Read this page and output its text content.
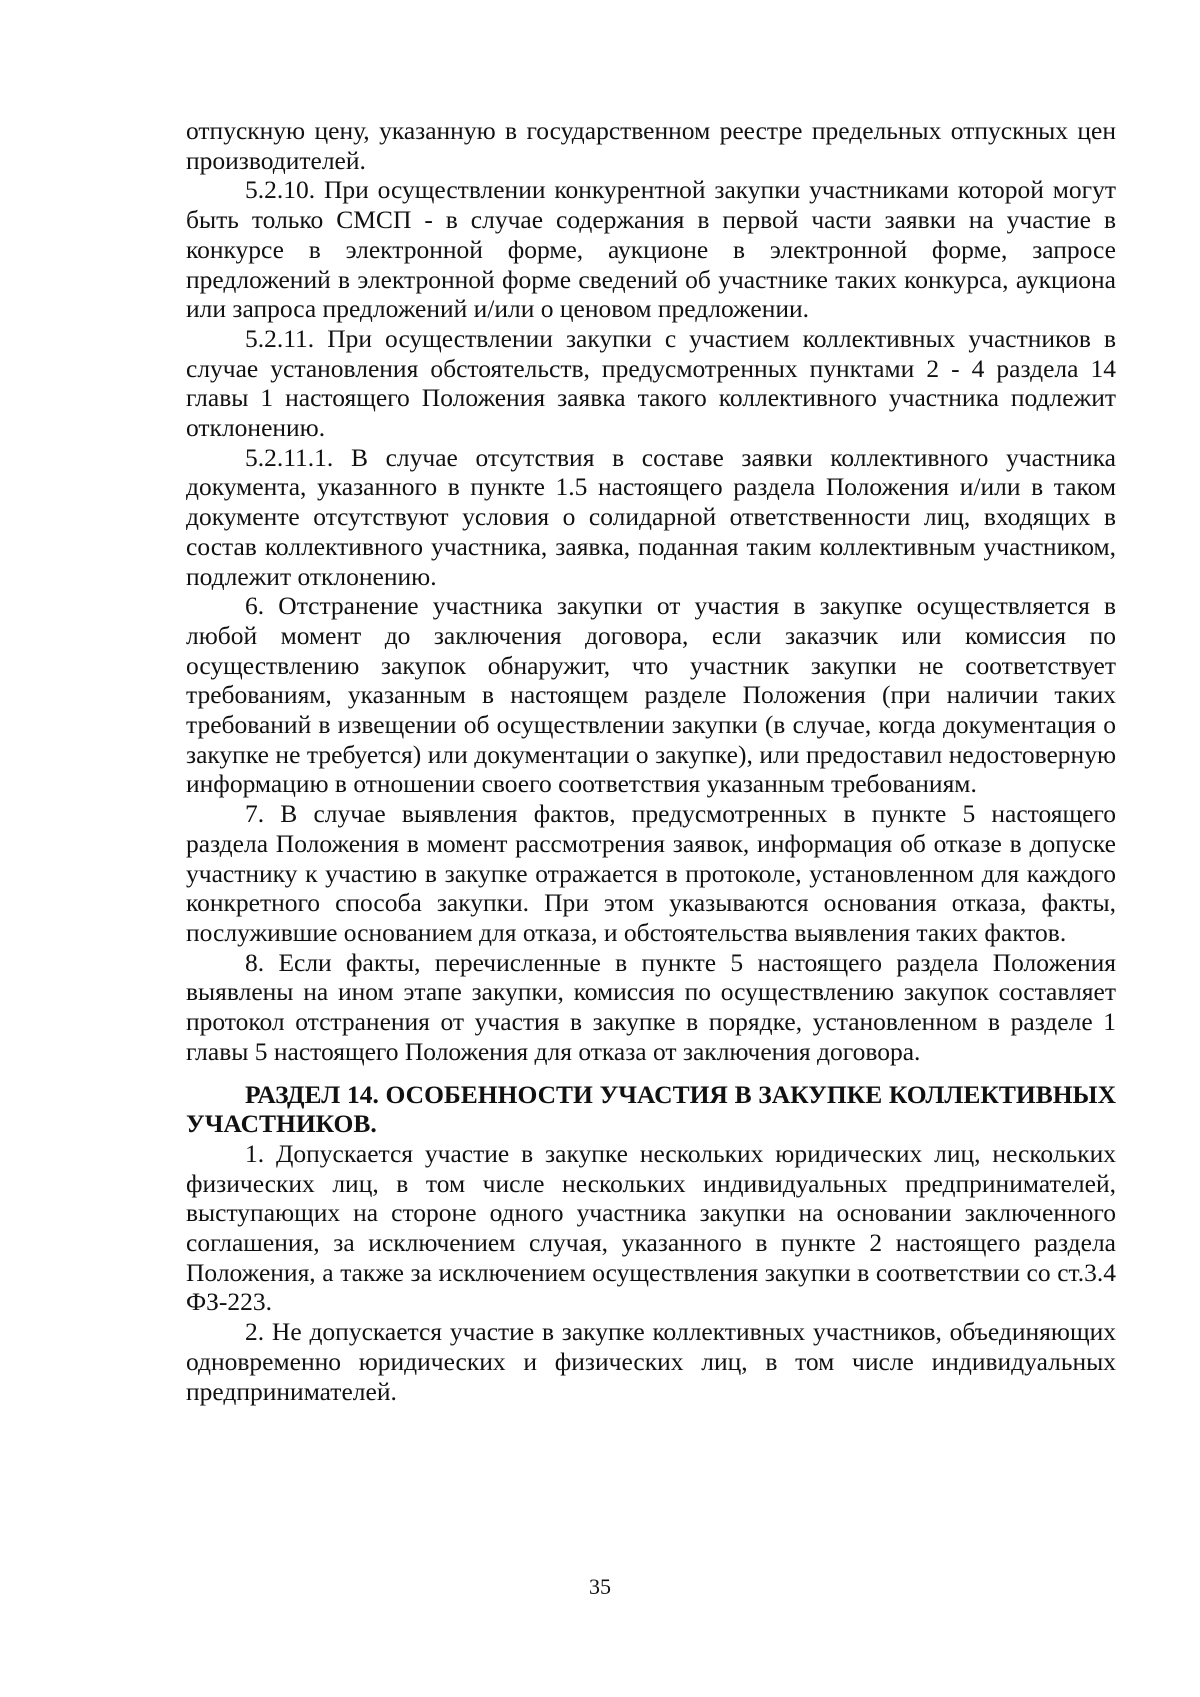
отпускную цену, указанную в государственном реестре предельных отпускных цен производителей.

5.2.10. При осуществлении конкурентной закупки участниками которой могут быть только СМСП - в случае содержания в первой части заявки на участие в конкурсе в электронной форме, аукционе в электронной форме, запросе предложений в электронной форме сведений об участнике таких конкурса, аукциона или запроса предложений и/или о ценовом предложении.

5.2.11. При осуществлении закупки с участием коллективных участников в случае установления обстоятельств, предусмотренных пунктами 2 - 4 раздела 14 главы 1 настоящего Положения заявка такого коллективного участника подлежит отклонению.

5.2.11.1. В случае отсутствия в составе заявки коллективного участника документа, указанного в пункте 1.5 настоящего раздела Положения и/или в таком документе отсутствуют условия о солидарной ответственности лиц, входящих в состав коллективного участника, заявка, поданная таким коллективным участником, подлежит отклонению.

6. Отстранение участника закупки от участия в закупке осуществляется в любой момент до заключения договора, если заказчик или комиссия по осуществлению закупок обнаружит, что участник закупки не соответствует требованиям, указанным в настоящем разделе Положения (при наличии таких требований в извещении об осуществлении закупки (в случае, когда документация о закупке не требуется) или документации о закупке), или предоставил недостоверную информацию в отношении своего соответствия указанным требованиям.

7. В случае выявления фактов, предусмотренных в пункте 5 настоящего раздела Положения в момент рассмотрения заявок, информация об отказе в допуске участнику к участию в закупке отражается в протоколе, установленном для каждого конкретного способа закупки. При этом указываются основания отказа, факты, послужившие основанием для отказа, и обстоятельства выявления таких фактов.

8. Если факты, перечисленные в пункте 5 настоящего раздела Положения выявлены на ином этапе закупки, комиссия по осуществлению закупок составляет протокол отстранения от участия в закупке в порядке, установленном в разделе 1 главы 5 настоящего Положения для отказа от заключения договора.

РАЗДЕЛ 14. ОСОБЕННОСТИ УЧАСТИЯ В ЗАКУПКЕ КОЛЛЕКТИВНЫХ УЧАСТНИКОВ.

1. Допускается участие в закупке нескольких юридических лиц, нескольких физических лиц, в том числе нескольких индивидуальных предпринимателей, выступающих на стороне одного участника закупки на основании заключенного соглашения, за исключением случая, указанного в пункте 2 настоящего раздела Положения, а также за исключением осуществления закупки в соответствии со ст.3.4 ФЗ-223.

2. Не допускается участие в закупке коллективных участников, объединяющих одновременно юридических и физических лиц, в том числе индивидуальных предпринимателей.

35
